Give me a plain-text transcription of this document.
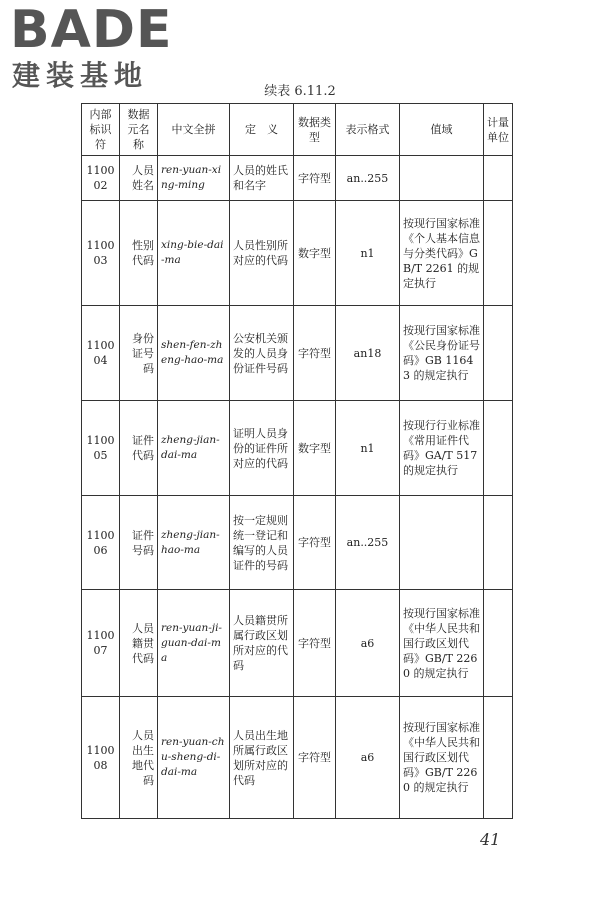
BADE
建装基地	续表 6.11.2
内部标识符	数据元名称	中文全拼	定　义	数据类型	表示格式	值域	计量单位
110002	人员姓名	ren-yuan-xing-ming	人员的姓氏和名字	字符型	an..255		
110003	性别代码	xing-bie-dai-ma	人员性别所对应的代码	数字型	n1	按现行国家标准《个人基本信息与分类代码》GB/T 2261 的规定执行	
110004	身份证号码	shen-fen-zheng-hao-ma	公安机关颁发的人员身份证件号码	字符型	an18	按现行国家标准《公民身份证号码》GB 11643 的规定执行	
110005	证件代码	zheng-jian-dai-ma	证明人员身份的证件所对应的代码	数字型	n1	按现行行业标准《常用证件代码》GA/T 517 的规定执行	
110006	证件号码	zheng-jian-hao-ma	按一定规则统一登记和编写的人员证件的号码	字符型	an..255		
110007	人员籍贯代码	ren-yuan-ji-guan-dai-ma	人员籍贯所属行政区划所对应的代码	字符型	a6	按现行国家标准《中华人民共和国行政区划代码》GB/T 2260 的规定执行	
110008	人员出生地代码	ren-yuan-chu-sheng-di-dai-ma	人员出生地所属行政区划所对应的代码	字符型	a6	按现行国家标准《中华人民共和国行政区划代码》GB/T 2260 的规定执行	
41
